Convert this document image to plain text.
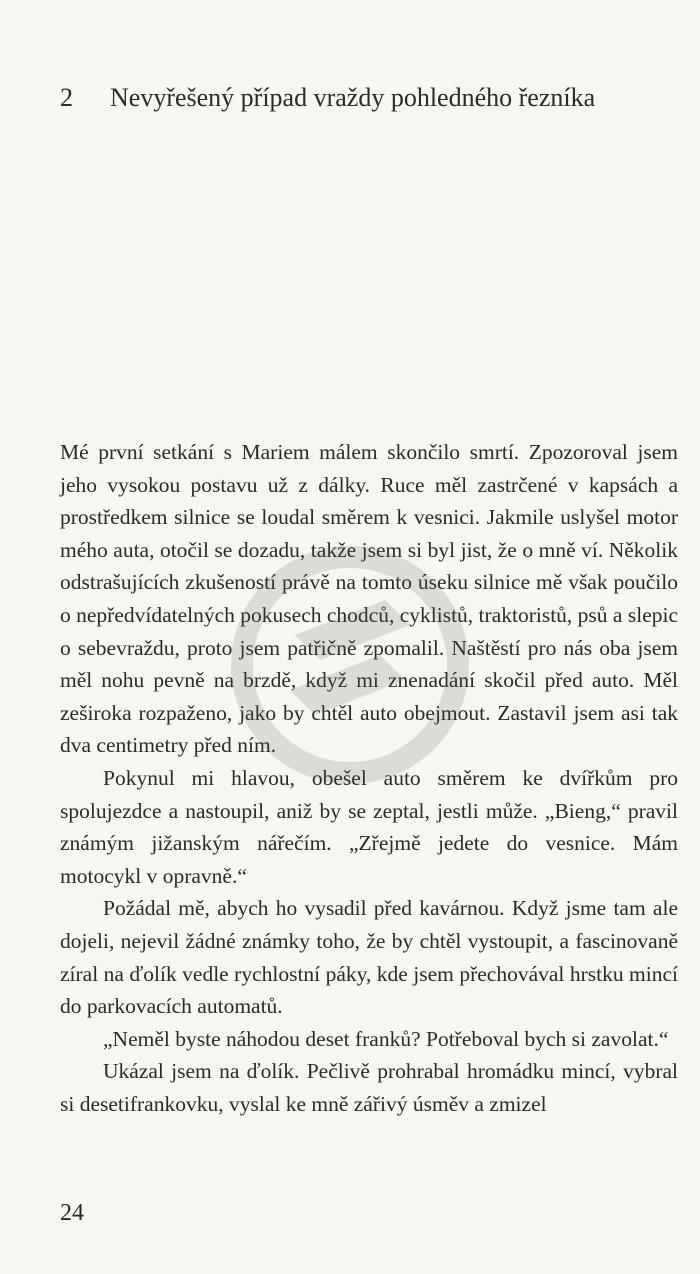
2 Nevyřešený případ vraždy pohledného řezníka

Mé první setkání s Mariem málem skončilo smrtí. Zpozoroval jsem jeho vysokou postavu už z dálky. Ruce měl zastrčené v kapsách a prostředkem silnice se loudal směrem k vesnici. Jakmile uslyšel motor mého auta, otočil se dozadu, takže jsem si byl jist, že o mně ví. Několik odstrašujících zkušeností právě na tomto úseku silnice mě však poučilo o nepředvídatelných pokusech chodců, cyklistů, traktoristů, psů a slepic o sebevraždu, proto jsem patřičně zpomalil. Naštěstí pro nás oba jsem měl nohu pevně na brzdě, když mi znenadání skočil před auto. Měl zeširoka rozpaženo, jako by chtěl auto obejmout. Zastavil jsem asi tak dva centimetry před ním.

Pokynul mi hlavou, obešel auto směrem ke dvířkům pro spolujezdce a nastoupil, aniž by se zeptal, jestli může. „Bieng,“ pravil známým jižanským nářečím. „Zřejmě jedete do vesnice. Mám motocykl v opravně.“

Požádal mě, abych ho vysadil před kavárnou. Když jsme tam ale dojeli, nejevil žádné známky toho, že by chtěl vystoupit, a fascinovaně zíral na ďolík vedle rychlostní páky, kde jsem přechovával hrstku mincí do parkovacích automatů.

„Neměl byste náhodou deset franků? Potřeboval bych si zavolat.“

Ukázal jsem na ďolík. Pečlivě prohrabal hromádku mincí, vybral si desetifrankovku, vyslal ke mně zářivý úsměv a zmizel

24
